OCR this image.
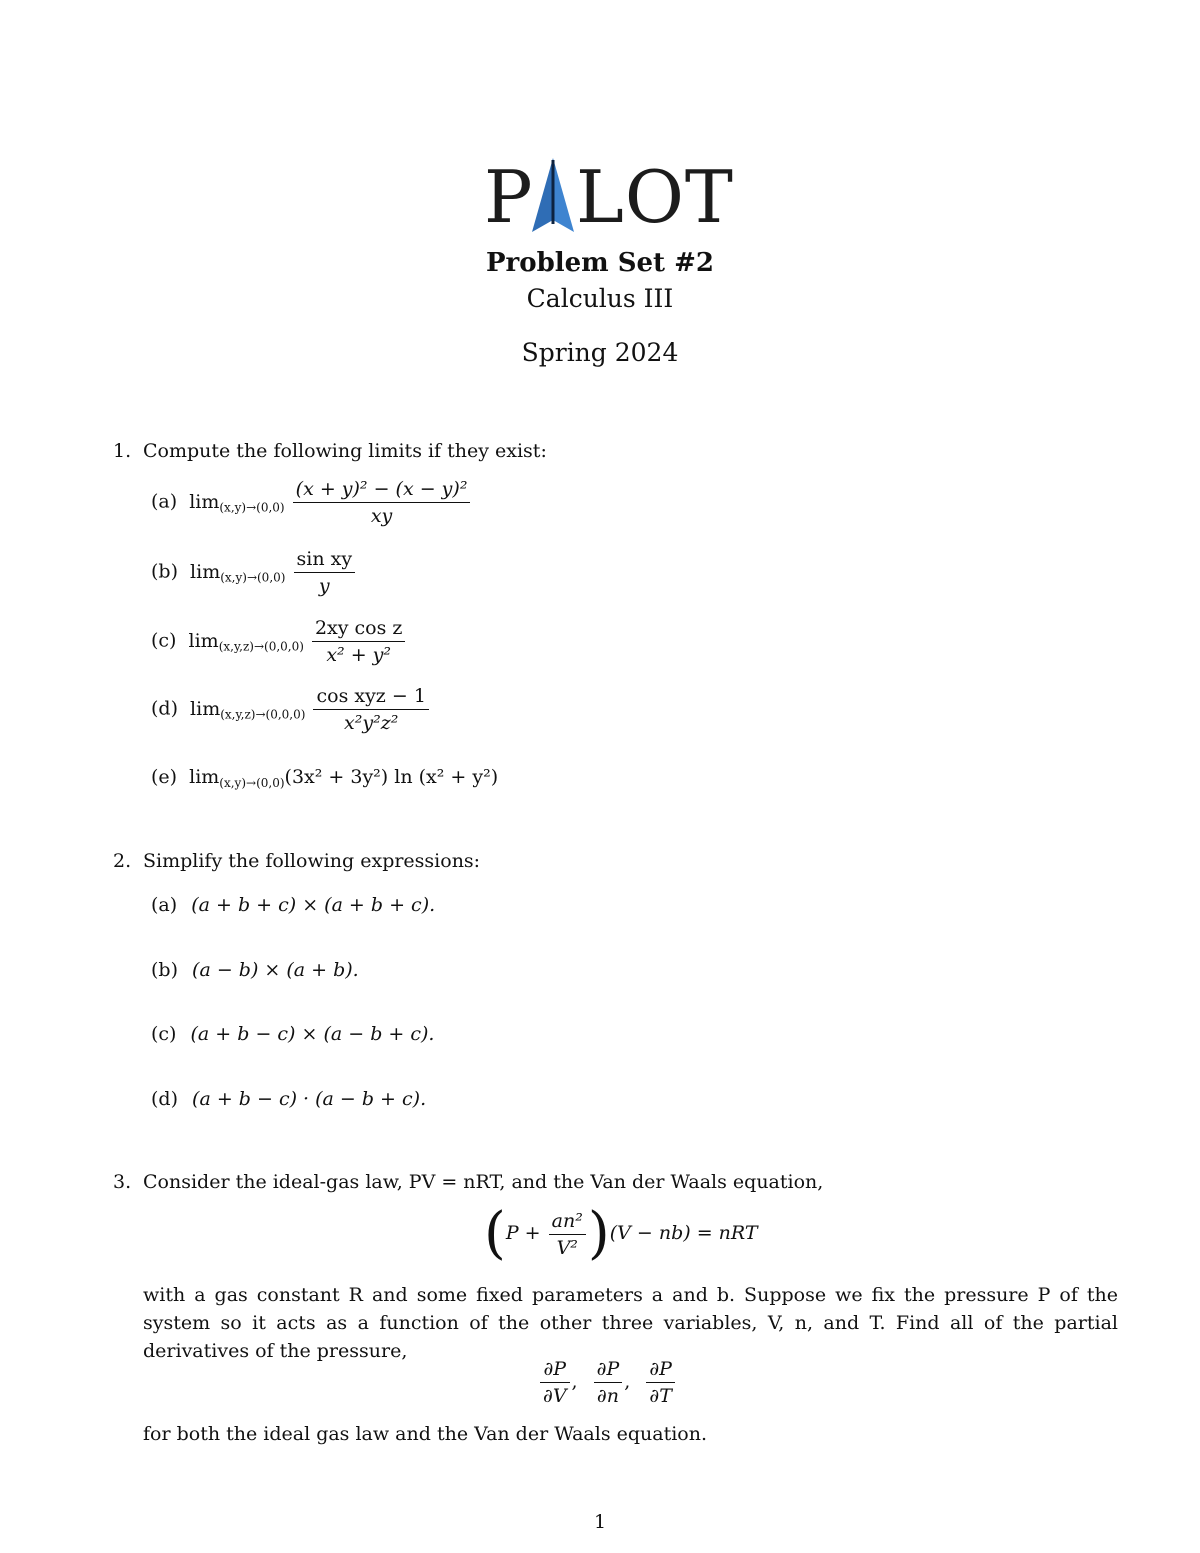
P LOT
Problem Set #2
Calculus III
Spring 2024
1. Compute the following limits if they exist:
(a) $\lim_{(x,y)\to(0,0)} \frac{\text{(x + y)² − (x − y)²}}{xy}$
(b) $\lim_{(x,y)\to(0,0)} \frac{\text{sin xy}}{y}$
(c) $\lim_{(x,y,z)\to(0,0,0)} \frac{\text{2xy cos z}}{\text{x² + y²}}$
(d) $\lim_{(x,y,z)\to(0,0,0)} \frac{\text{cos xyz − 1}}{\text{x²y²z²}}$
(e) $\lim_{(x,y)\to(0,0)}(3x^2 + 3y^2)$ ln (x² + y²)
2. Simplify the following expressions:
(a) (a + b + c) × (a + b + c).
(b) (a − b) × (a + b).
(c) (a + b − c) × (a − b + c).
(d) (a + b − c) · (a − b + c).
3. Consider the ideal-gas law, PV = nRT, and the Van der Waals equation,
$(P + \frac{\text{an²}}{\text{V²}} )(V - nb)$ = nRT
with a gas constant R and some fixed parameters a and b. Suppose we fix the pressure P of the system so it acts as a function of the other three variables, V, n, and T. Find all of the partial derivatives of the pressure,
$\frac{\partial P}{\partial V}$ , $\frac{\partial P}{\partial n}$ , $\frac{\partial P}{\partial T}$
for both the ideal gas law and the Van der Waals equation.
1
